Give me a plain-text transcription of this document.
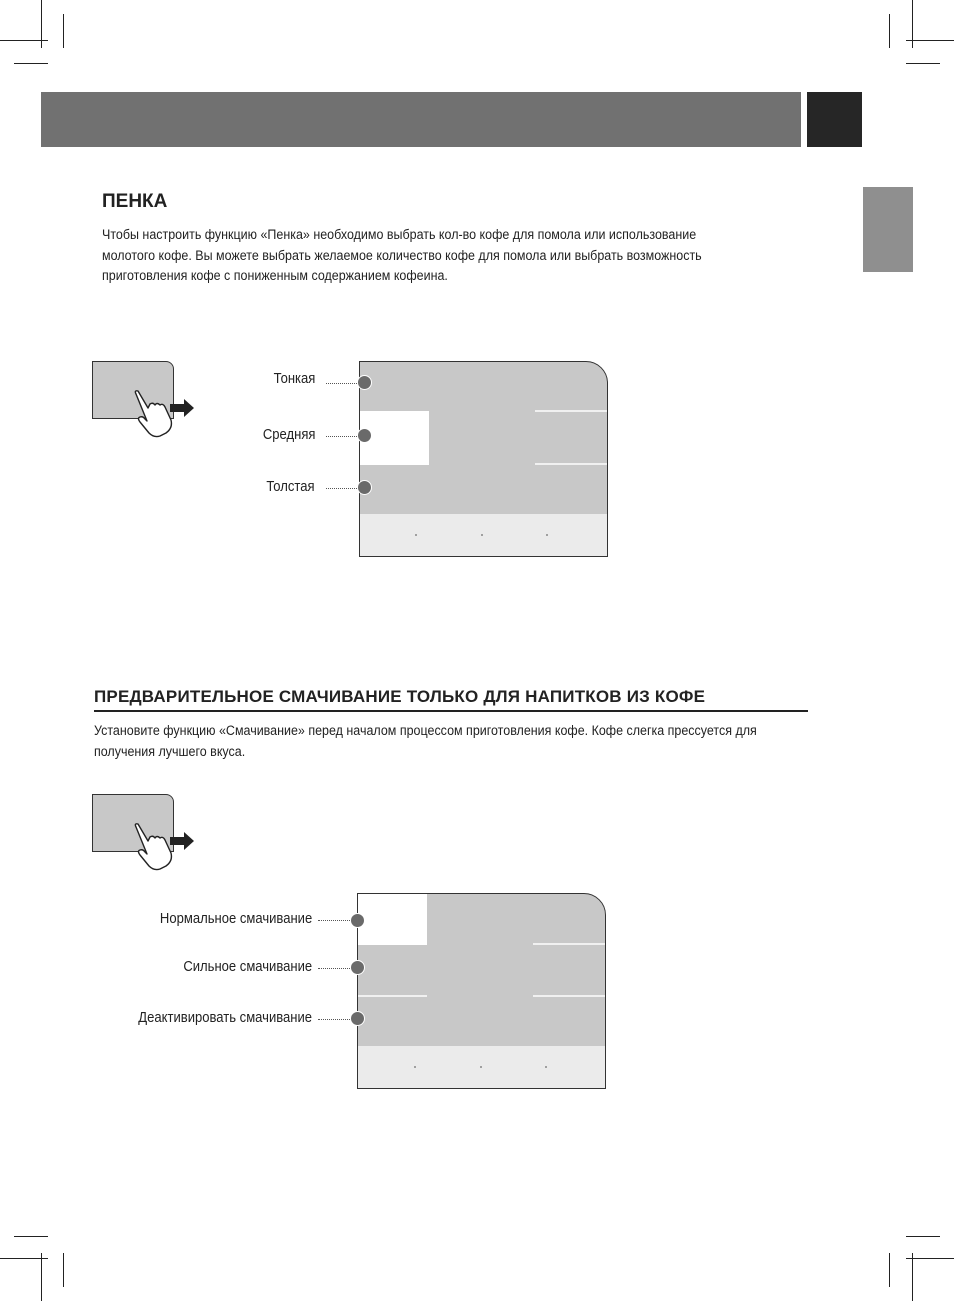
ПЕНКА
Чтобы настроить функцию «Пенка» необходимо выбрать кол-во кофе для помола или использование
молотого кофе. Вы можете выбрать желаемое количество кофе для помола или выбрать возможность
приготовления кофе с пониженным содержанием кофеина.
Тонкая
Средняя
Толстая
ПРЕДВАРИТЕЛЬНОЕ СМАЧИВАНИЕ ТОЛЬКО ДЛЯ НАПИТКОВ ИЗ КОФЕ
Установите функцию «Смачивание» перед началом процессом приготовления кофе. Кофе слегка прессуется для
получения лучшего вкуса.
Нормальное смачивание
Сильное смачивание
Деактивировать смачивание
